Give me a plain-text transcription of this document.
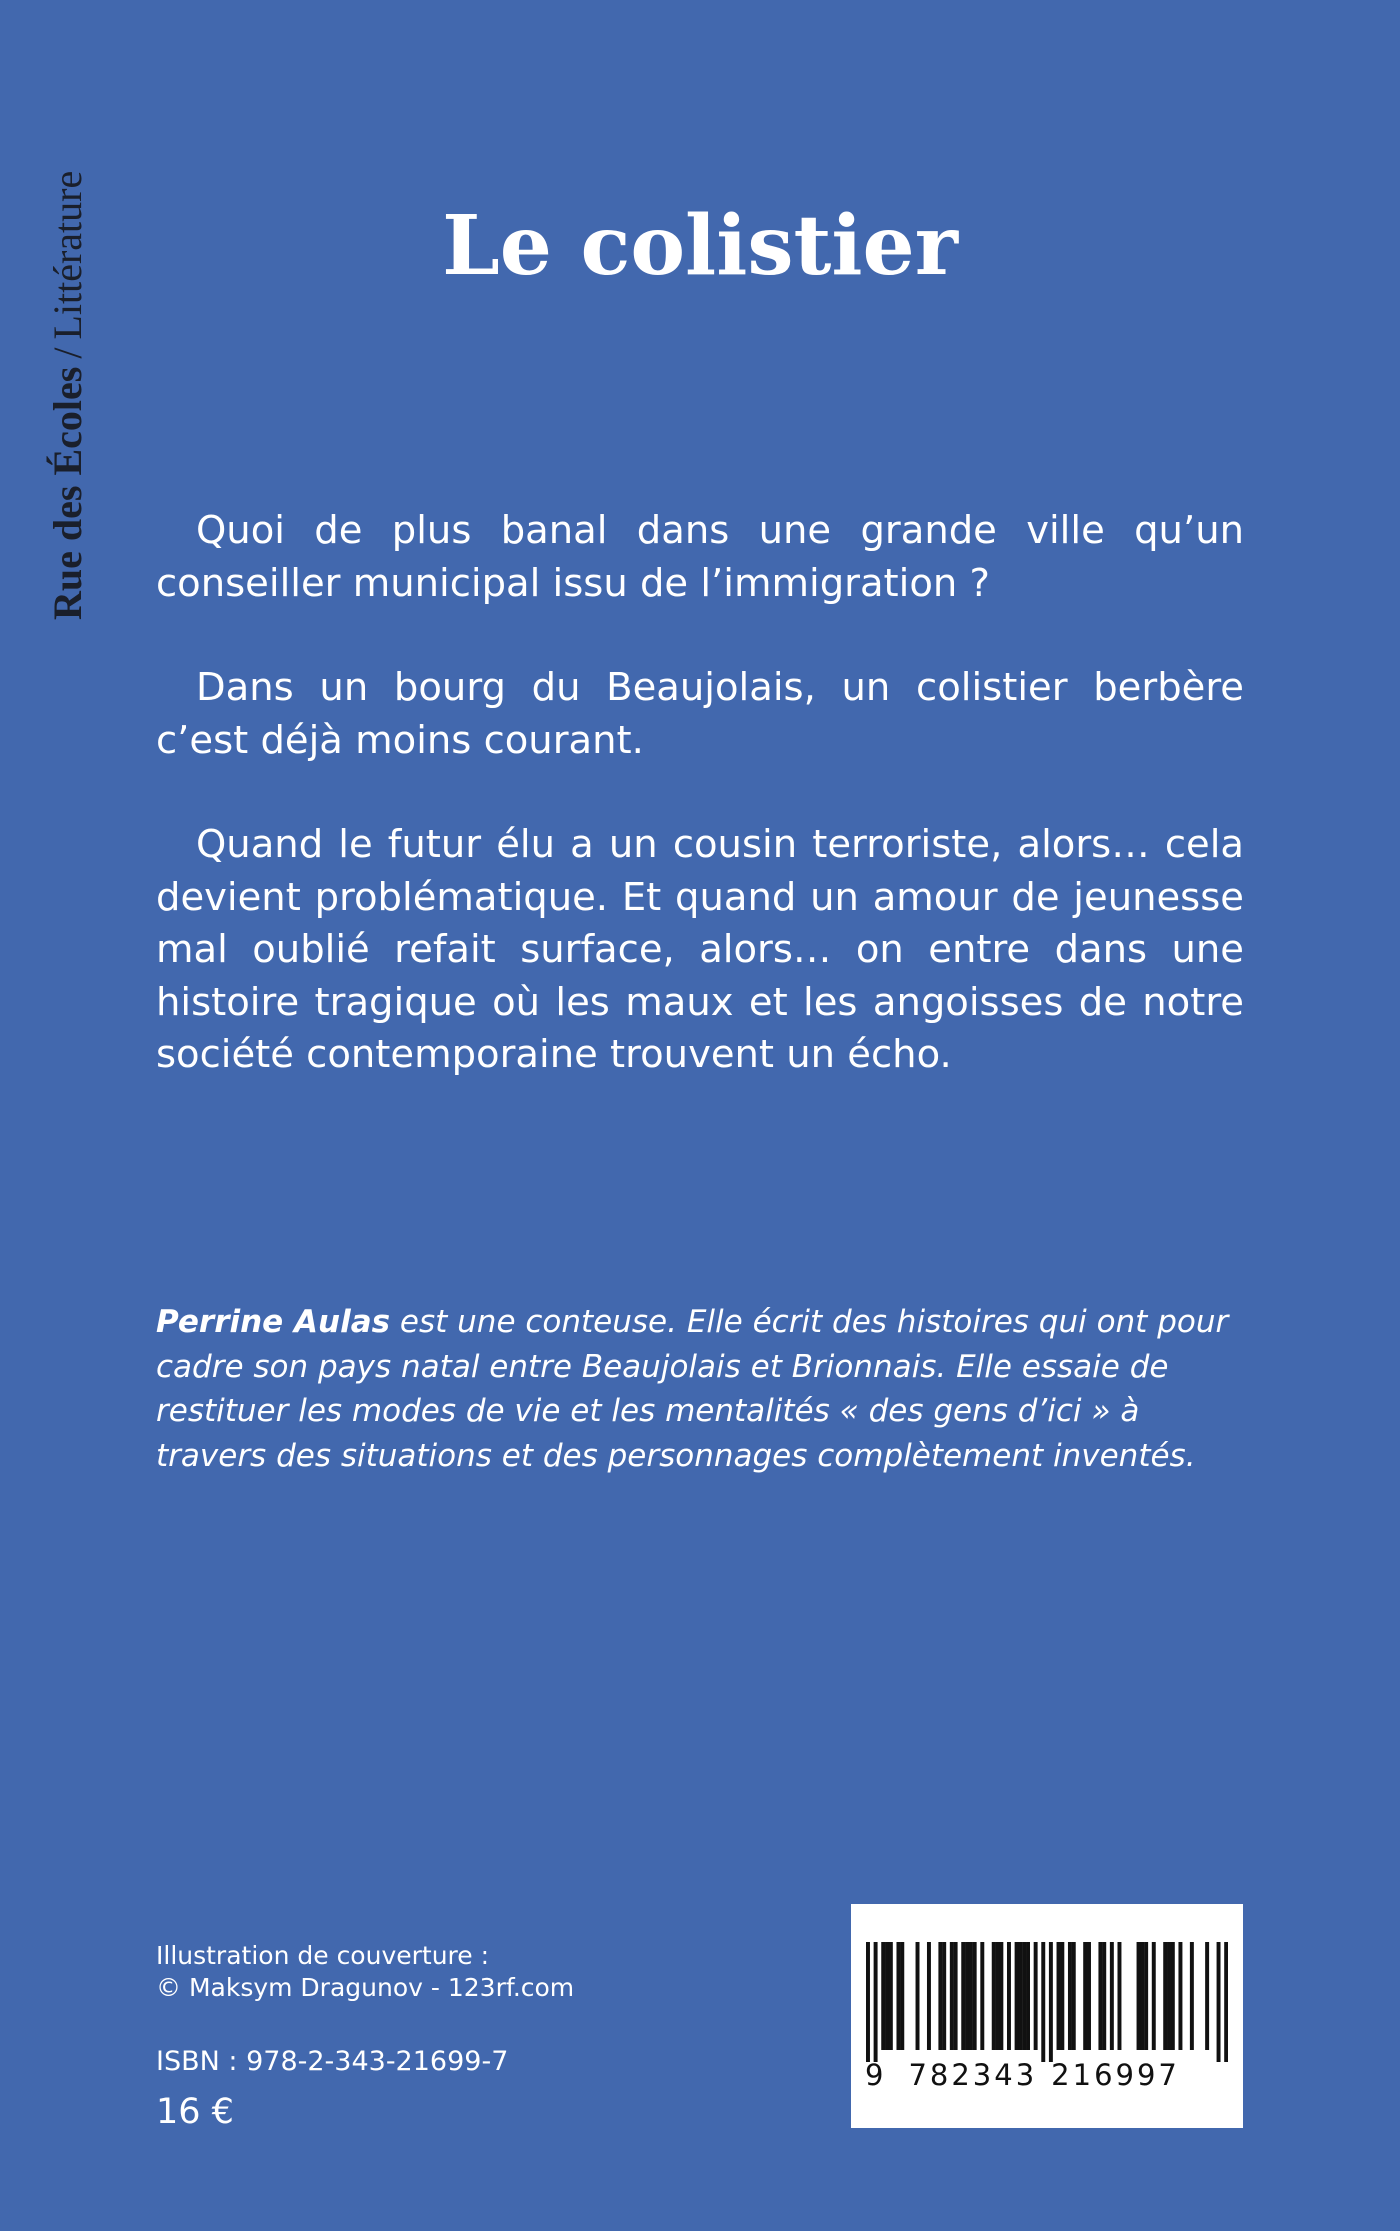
Rue des Écoles/Littérature	Le colistier

Quoi de plus banal dans une grande ville qu’un conseiller municipal issu de l’immigration ?

Dans un bourg du Beaujolais, un colistier berbère c’est déjà moins courant.

Quand le futur élu a un cousin terroriste, alors… cela devient problématique. Et quand un amour de jeunesse mal oublié refait surface, alors… on entre dans une histoire tragique où les maux et les angoisses de notre société contemporaine trouvent un écho.

Perrine Aulas est une conteuse. Elle écrit des histoires qui ont pour cadre son pays natal entre Beaujolais et Brionnais. Elle essaie de restituer les modes de vie et les mentalités « des gens d’ici » à travers des situations et des personnages complètement inventés.
Illustration de couverture :
© Maksym Dragunov - 123rf.com
ISBN : 978-2-343-21699-7
16 €
9 782343 216997
